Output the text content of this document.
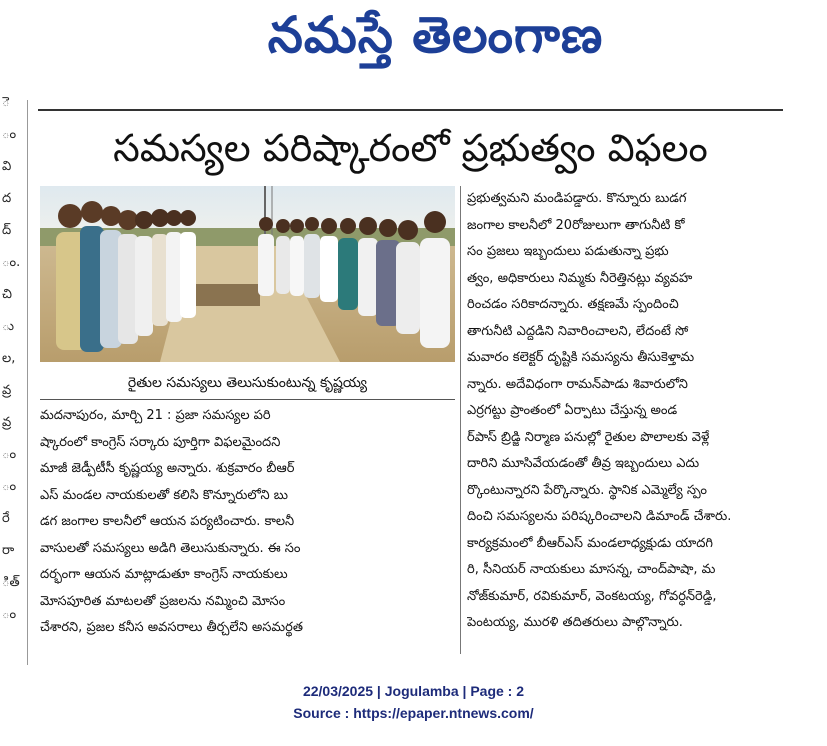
నమస్తే తెలంగాణ
ె
ం
వి
ద
ద్
ం.
చి
ు
ల,
వ్ర
వ్ర
ం
ం
రే
రా
ిత్
ం
సమస్యల పరిష్కారంలో ప్రభుత్వం విఫలం
రైతుల సమస్యలు తెలుసుకుంటున్న కృష్ణయ్య
మదనాపురం, మార్చి 21 : ప్రజా సమస్యల పరి
ష్కారంలో కాంగ్రెస్ సర్కారు పూర్తిగా విఫలమైందని
మాజీ జెడ్పీటీసీ కృష్ణయ్య అన్నారు. శుక్రవారం బీఆర్
ఎస్ మండల నాయకులతో కలిసి కొన్నూరులోని బు
డగ జంగాల కాలనీలో ఆయన పర్యటించారు. కాలనీ
వాసులతో సమస్యలు అడిగి తెలుసుకున్నారు. ఈ సం
దర్భంగా ఆయన మాట్లాడుతూ కాంగ్రెస్ నాయకులు
మోసపూరిత మాటలతో ప్రజలను నమ్మించి మోసం
చేశారని, ప్రజల కనీస అవసరాలు తీర్చలేని అసమర్థత
ప్రభుత్వమని మండిపడ్డారు. కొన్నూరు బుడగ
జంగాల కాలనీలో 20రోజులుగా తాగునీటి కో
సం ప్రజలు ఇబ్బందులు పడుతున్నా ప్రభు
త్వం, అధికారులు నిమ్మకు నీరెత్తినట్లు వ్యవహ
రించడం సరికాదన్నారు. తక్షణమే స్పందించి
తాగునీటి ఎద్దడిని నివారించాలని, లేదంటే సో
మవారం కలెక్టర్ దృష్టికి సమస్యను తీసుకెళ్తామ
న్నారు. అదేవిధంగా రామన్‌పాడు శివారులోని
ఎర్రగట్టు ప్రాంతంలో ఏర్పాటు చేస్తున్న అండ
ర్‌పాస్ బ్రిడ్జి నిర్మాణ పనుల్లో రైతుల పొలాలకు వెళ్లే
దారిని మూసివేయడంతో తీవ్ర ఇబ్బందులు ఎదు
ర్కొంటున్నారని పేర్కొన్నారు. స్థానిక ఎమ్మెల్యే స్పం
దించి సమస్యలను పరిష్కరించాలని డిమాండ్ చేశారు.
కార్యక్రమంలో బీఆర్ఎస్ మండలాధ్యక్షుడు యాదగి
రి, సీనియర్ నాయకులు మాసన్న, చాంద్‌పాషా, మ
నోజ్‌కుమార్, రవికుమార్, వెంకటయ్య, గోవర్ధన్‌రెడ్డి,
పెంటయ్య, మురళి తదితరులు పాల్గొన్నారు.
22/03/2025 | Jogulamba | Page : 2
Source : https://epaper.ntnews.com/
